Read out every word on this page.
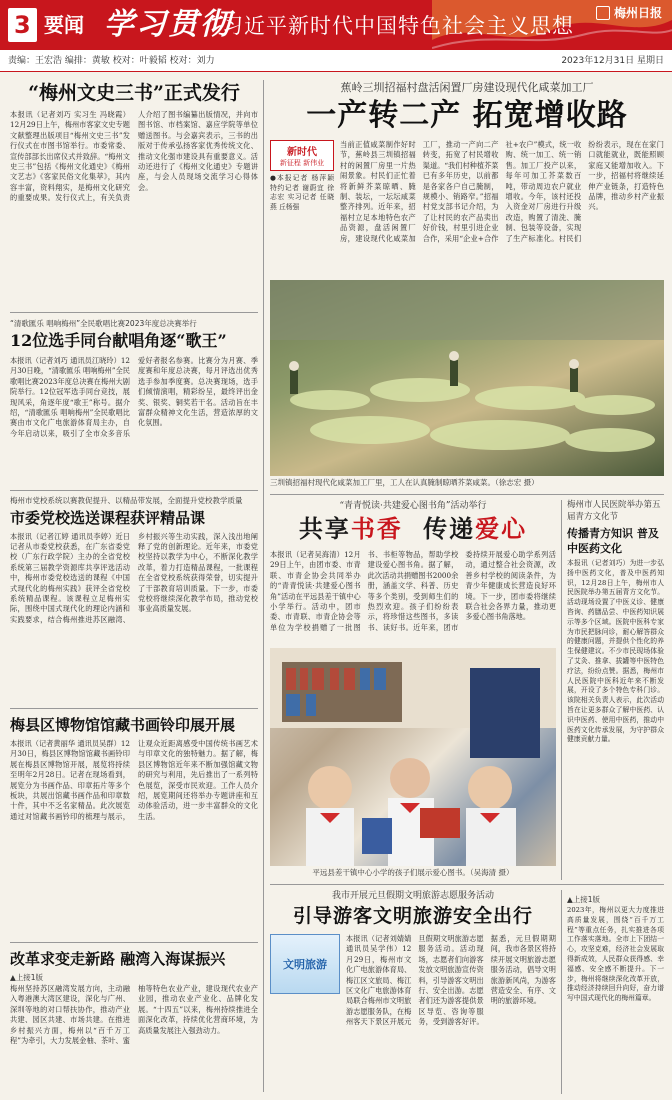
3 要闻 学习贯彻
习近平新时代中国特色社会主义思想
梅州日报
责编：王宏浩 编排：黄敏 校对：叶毅韬 校对：刘力	2023年12月31日 星期日
“梅州文史三书”正式发行
本报讯（记者刘巧 实习生 冯晓霞）12月29日上午，梅州市客家文史专题文献整理出版项目“梅州文史三书”发行仪式在市图书馆举行。市委常委、宣传部部长出席仪式并致辞。“梅州文史三书”包括《梅州文化通史》《梅州文艺志》《客家民俗文化集萃》，其内容丰富，资料翔实，是梅州文化研究的重要成果。发行仪式上，有关负责人介绍了图书编纂出版情况，并向市图书馆、市档案馆、嘉应学院等单位赠送图书。与会嘉宾表示，三书的出版对于传承弘扬客家优秀传统文化、推动文化强市建设具有重要意义。活动还进行了《梅州文化通史》专题讲座，与会人员现场交流学习心得体会。
“清歌匯乐 唱响梅州”全民歌唱比赛2023年度总决赛举行
12位选手同台献唱角逐“歌王”
本报讯（记者刘巧 通讯员江晓玲）12月30日晚，“清歌匯乐 唱响梅州”全民歌唱比赛2023年度总决赛在梅州大剧院举行。12位冠军选手同台竞技，展现风采，角逐年度“歌王”称号。据介绍，“清歌匯乐 唱响梅州”全民歌唱比赛由市文化广电旅游体育局主办，自今年启动以来，吸引了全市众多音乐爱好者报名参赛。比赛分为月赛、季度赛和年度总决赛，每月评选出优秀选手参加季度赛。总决赛现场，选手们倾情演唱，精彩纷呈，最终评出金奖、银奖、铜奖若干名。活动旨在丰富群众精神文化生活，营造浓厚的文化氛围。
梅州市党校系统以赛教促提升、以精品带发展，全面提升党校教学质量
市委党校选送课程获评精品课
本报讯（记者江婷 通讯员李婷）近日记者从市委党校获悉，在广东省委党校（广东行政学院）主办的全省党校系统第三届教学资源库共享评选活动中，梅州市委党校选送的课程《中国式现代化的梅州实践》获评全省党校系统精品课程。该课程立足梅州实际，围绕中国式现代化的理论内涵和实践要求，结合梅州推进苏区融湾、乡村振兴等生动实践，深入浅出地阐释了党的创新理论。近年来，市委党校坚持以教学为中心，不断深化教学改革，着力打造精品课程，一批课程在全省党校系统获得荣誉，切实提升了干部教育培训质量。下一步，市委党校将继续深化教学布局，推动党校事业高质量发展。
梅县区博物馆馆藏书画铃印展开展
本报讯（记者黄丽华 通讯员吴群）12月30日，梅县区博物馆馆藏书画铃印展在梅县区博物馆开展，展览将持续至明年2月28日。记者在现场看到，展览分为书画作品、印章拓片等多个板块，共展出馆藏书画作品和印章数十件，其中不乏名家精品。此次展览通过对馆藏书画钤印的梳理与展示，让观众近距离感受中国传统书画艺术与印章文化的独特魅力。据了解，梅县区博物馆近年来不断加强馆藏文物的研究与利用，先后推出了一系列特色展览，深受市民欢迎。工作人员介绍，展览期间还将举办专题讲座和互动体验活动，进一步丰富群众的文化生活。
改革求变走新路 融湾入海谋振兴
▲上接1版
梅州坚持苏区融湾发展方向，主动融入粤港澳大湾区建设，深化与广州、深圳等地的对口帮扶协作，推动产业共建、园区共建、市场共建。在推进乡村振兴方面，梅州以“百千万工程”为牵引，大力发展金柚、茶叶、蜜柚等特色农业产业，建设现代农业产业园，推动农业产业化、品牌化发展。“十四五”以来，梅州持续推进全面深化改革，持续优化营商环境，为高质量发展注入强劲动力。
蕉岭三圳招福村盘活闲置厂房建设现代化咸菜加工厂
一产转二产 拓宽增收路
新时代
新征程 新伟业
●本报记者 杨萍颖 特约记者 谢蔚宜 徐志宏 实习记者 任晓燕 丘杨强
当前正值咸菜制作好时节，蕉岭县三圳镇招福村的闲置厂房里一片热闹景象。村民们正忙着将新鲜芥菜晾晒、腌制、装坛，一坛坛咸菜整齐排列。近年来，招福村立足本地特色农产品资源，盘活闲置厂房，建设现代化咸菜加工厂，推动一产向二产转变，拓宽了村民增收渠道。“我们村种植芥菜已有多年历史，以前都是各家各户自己腌制，规模小、销路窄。”招福村党支部书记介绍，为了让村民的农产品卖出好价钱，村里引进企业合作，采用“企业+合作社+农户”模式，统一收购、统一加工、统一销售。加工厂投产以来，每年可加工芥菜数百吨，带动周边农户就业增收。今年，该村还投入资金对厂房进行升级改造，购置了清洗、腌制、包装等设备，实现了生产标准化。村民们纷纷表示，现在在家门口就能就业，既能照顾家庭又能增加收入。下一步，招福村将继续延伸产业链条，打造特色品牌，推动乡村产业振兴。
三圳镇招福村现代化咸菜加工厂里，工人在认真腌制晾晒芥菜咸菜。（徐志宏 摄）
“青青悦读·共建爱心图书角”活动举行
共享书香 传递爱心
本报讯（记者吴海清）12月29日上午，由团市委、市青联、市青企协会共同举办的“青青悦读·共建爱心图书角”活动在平远县差干镇中心小学举行。活动中，团市委、市青联、市青企协会等单位为学校捐赠了一批图书、书柜等物品，帮助学校建设爱心图书角。据了解，此次活动共捐赠图书2000余册，涵盖文学、科普、历史等多个类别，受到师生们的热烈欢迎。孩子们纷纷表示，将珍惜这些图书，多读书、读好书。近年来，团市委持续开展爱心助学系列活动，通过整合社会资源，改善乡村学校的阅读条件，为青少年健康成长营造良好环境。下一步，团市委将继续联合社会各界力量，推动更多爱心图书角落地。
平远县差干镇中心小学的孩子们展示爱心图书。（吴海清 摄）
梅州市人民医院举办第五届青方文化节
传播青方知识 普及中医药文化
本报讯（记者刘巧）为进一步弘扬中医药文化，普及中医药知识，12月28日上午，梅州市人民医院举办第五届青方文化节。活动现场设置了中医义诊、健康咨询、药膳品尝、中医药知识展示等多个区域。医院中医科专家为市民把脉问诊，耐心解答群众的健康问题，并提供个性化的养生保健建议。不少市民现场体验了艾灸、推拿、拔罐等中医特色疗法，纷纷点赞。据悉，梅州市人民医院中医科近年来不断发展，开设了多个特色专科门诊。该院相关负责人表示，此次活动旨在让更多群众了解中医药、认识中医药、使用中医药，推动中医药文化传承发展，为守护群众健康贡献力量。
我市开展元旦假期文明旅游志愿服务活动
引导游客文明旅游安全出行
文明旅游
本报讯（记者刘婧婧 通讯员吴学伟）12月29日，梅州市文化广电旅游体育局、梅江区文旅局、梅江区文化广电旅游体育局联合梅州市文明旅游志愿服务队，在梅州客天下景区开展元旦假期文明旅游志愿服务活动。活动现场，志愿者们向游客发放文明旅游宣传资料，引导游客文明出行、安全出游。志愿者们还为游客提供景区导览、咨询等服务，受到游客好评。据悉，元旦假期期间，我市各景区将持续开展文明旅游志愿服务活动，倡导文明旅游新风尚，为游客营造安全、有序、文明的旅游环境。
▲上接1版
2023年，梅州以更大力度推进高质量发展，围绕“百千万工程”等重点任务，扎实推进各项工作落实落地。全市上下团结一心，攻坚克难，经济社会发展取得新成效，人民群众获得感、幸福感、安全感不断提升。下一步，梅州将继续深化改革开放，推动经济持续回升向好，奋力谱写中国式现代化的梅州篇章。
